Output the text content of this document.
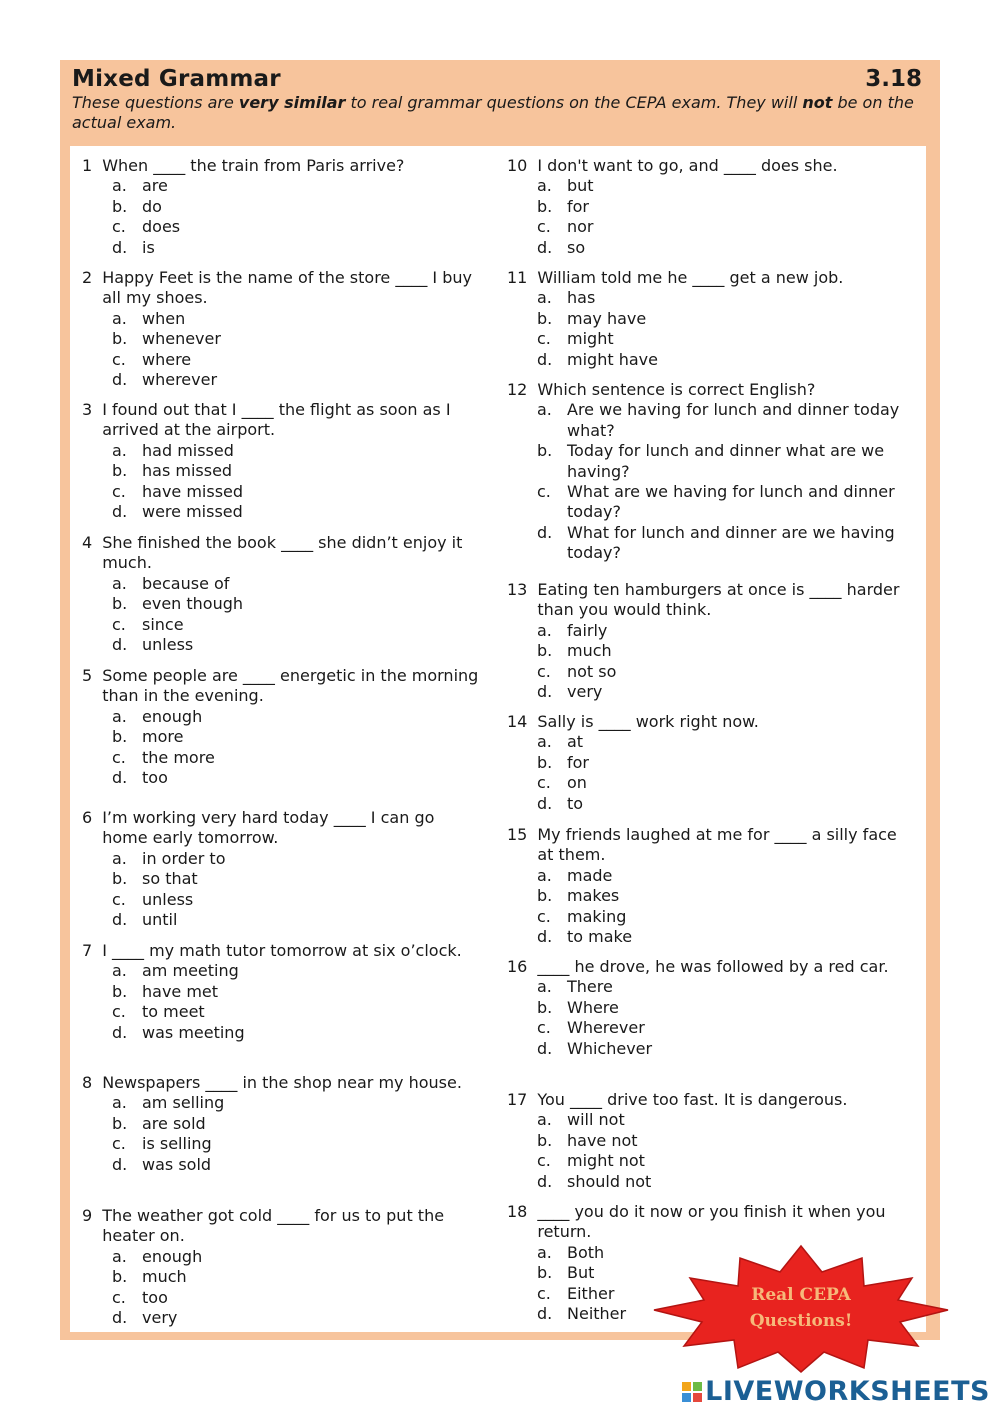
Mixed Grammar	3.18
These questions are very similar to real grammar questions on the CEPA exam. They will not be on the actual exam.
1 When ____ the train from Paris arrive?
a. are
b. do
c.	does
d. is
2 Happy Feet is the name of the store ____ I buy all my shoes.
a. when
b. whenever
c.	where
d. wherever
3 I found out that I ____ the flight as soon as I arrived at the airport.
a. had missed
b. has missed
c.	have missed
d. were missed
4 She finished the book ____ she didn’t enjoy it much.
a. because of
b. even though
c.	since
d. unless
5 Some people are ____ energetic in the morning than in the evening.
a. enough
b. more
c.	the more
d. too
6 I’m working very hard today ____ I can go home early tomorrow.
a. in order to
b. so that
c.	unless
d. until
7 I ____ my math tutor tomorrow at six o’clock.
a. am meeting
b. have met
c.	to meet
d. was meeting
8 Newspapers ____ in the shop near my house.
a. am selling
b. are sold
c.	is selling
d. was sold
9 The weather got cold ____ for us to put the heater on.
a. enough
b. much
c.	too
d. very
10 I don't want to go, and ____ does she.
a. but
b. for
c.	nor
d. so
11 William told me he ____ get a new job.
a. has
b. may have
c.	might
d. might have
12 Which sentence is correct English?
a. Are we having for lunch and dinner today what?
b. Today for lunch and dinner what are we having?
c.	What are we having for lunch and dinner today?
d. What for lunch and dinner are we having today?
13 Eating ten hamburgers at once is ____ harder than you would think.
a. fairly
b. much
c.	not so
d. very
14 Sally is ____ work right now.
a. at
b. for
c.	on
d. to
15 My friends laughed at me for ____ a silly face at them.
a. made
b. makes
c.	making
d. to make
16 ____ he drove, he was followed by a red car.
a. There
b. Where
c.	Wherever
d. Whichever
17 You ____ drive too fast. It is dangerous.
a. will not
b. have not
c.	might not
d. should not
18 ____ you do it now or you finish it when you return.
a. Both
b. But
c.	Either
d. Neither
Real CEPA
Questions!
LIVEWORKSHEETS
